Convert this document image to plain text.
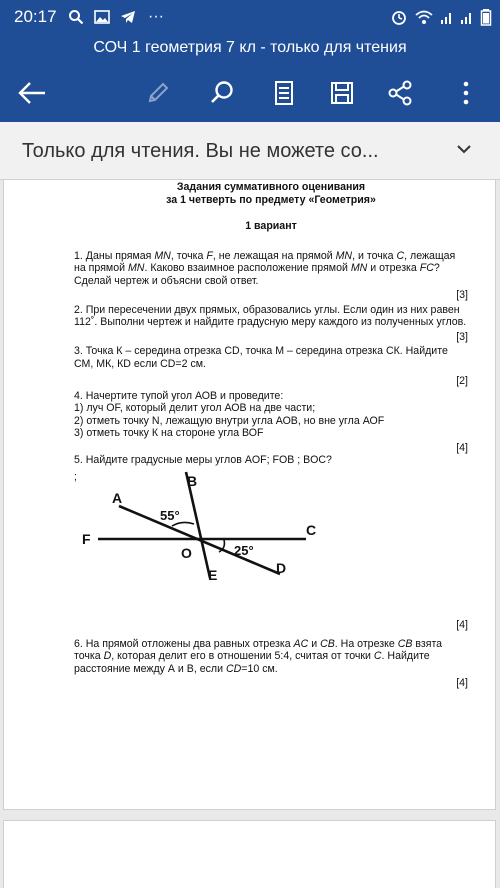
20:17	···
СОЧ 1 геометрия 7 кл - только для чтения
Только для чтения. Вы не можете со...
Задания суммативного оценивания
за 1 четверть по предмету «Геометрия»
1 вариант
1. Даны прямая MN, точка F, не лежащая на прямой MN, и точка C, лежащая на прямой MN. Каково взаимное расположение прямой MN и отрезка FC? Сделай чертеж и объясни свой ответ.
[3]
2. При пересечении двух прямых, образовались углы. Если один из них равен 112˚. Выполни чертеж и найдите градусную меру каждого из полученных углов.
[3]
3. Точка К – середина отрезка CD, точка М – середина отрезка СК. Найдите СМ, МК, КD если CD=2 см.
[2]
4. Начертите тупой угол АОВ и проведите:
1) луч ОF, который делит угол АОВ на две части;
2) отметь точку N, лежащую внутри угла АОВ, но вне угла АОF
3) отметь точку К на стороне угла ВОF
[4]
5. Найдите градусные меры углов AOF; FOB ; BOC?
;	B
A
F
C
O
E	D
55°
25°
[4]
6. На прямой отложены два равных отрезка AC и CB. На отрезке CB взята точка D, которая делит его в отношении 5:4, считая от точки C. Найдите расстояние между А и В, если CD=10 см.
[4]
